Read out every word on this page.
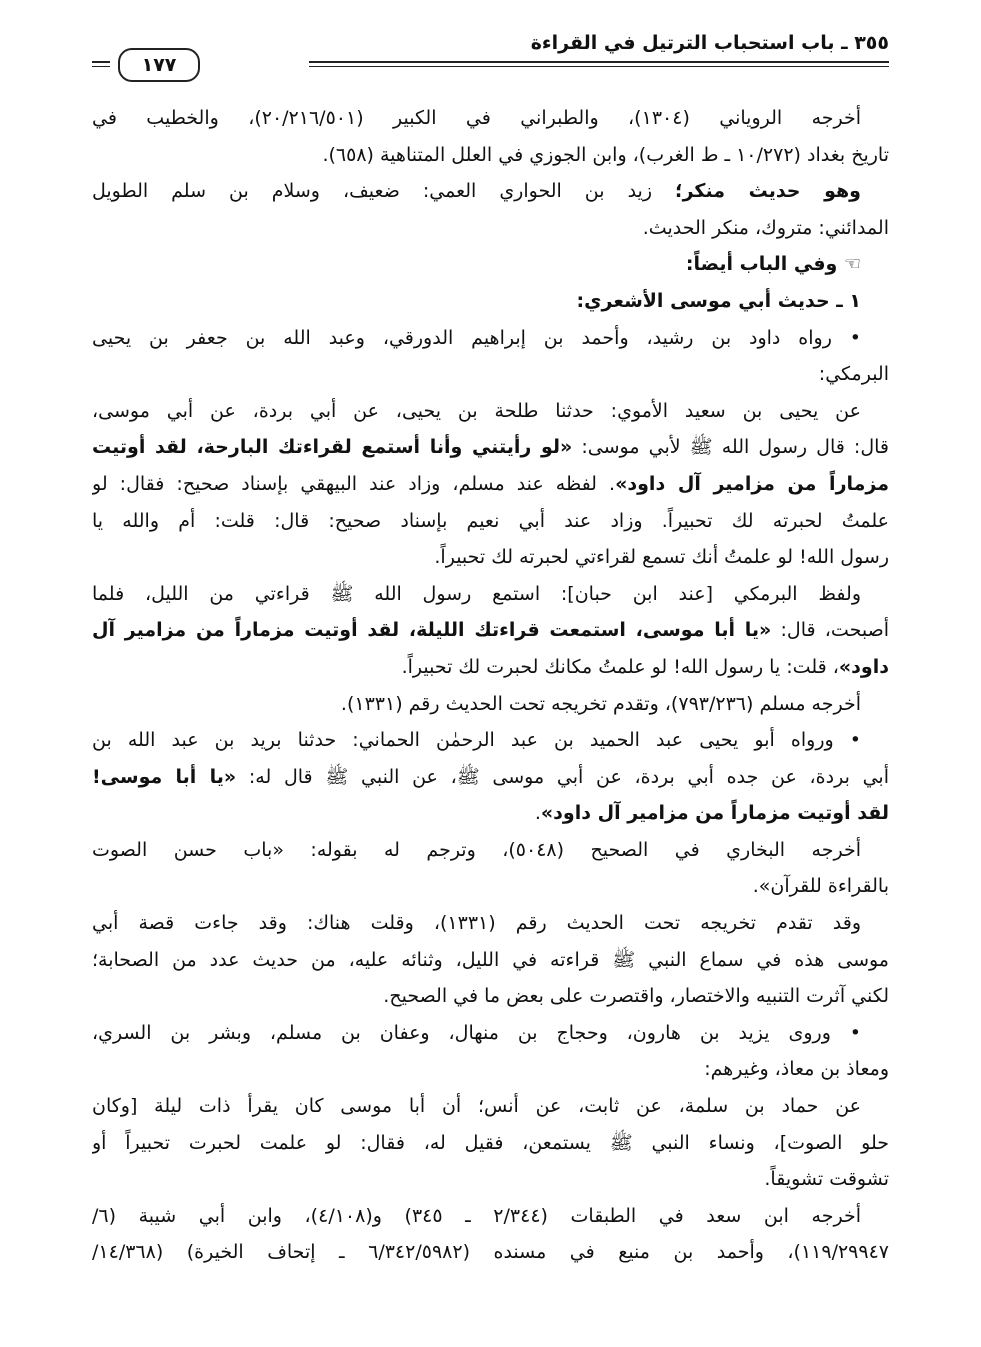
٣٥٥ ـ باب استحباب الترتيل في القراءة
١٧٧
أخرجه الروياني (١٣٠٤)، والطبراني في الكبير (٢٠/٢١٦/٥٠١)، والخطيب في
تاريخ بغداد (١٠/٢٧٢ ـ ط الغرب)، وابن الجوزي في العلل المتناهية (٦٥٨).
وهو حديث منكر؛ زيد بن الحواري العمي: ضعيف، وسلام بن سلم الطويل
المدائني: متروك، منكر الحديث.
☜ وفي الباب أيضاً:
١ ـ حديث أبي موسى الأشعري:
• رواه داود بن رشيد، وأحمد بن إبراهيم الدورقي، وعبد الله بن جعفر بن يحيى
البرمكي:
عن يحيى بن سعيد الأموي: حدثنا طلحة بن يحيى، عن أبي بردة، عن أبي موسى،
قال: قال رسول الله ﷺ لأبي موسى: «لو رأيتني وأنا أستمع لقراءتك البارحة، لقد أوتيت
مزماراً من مزامير آل داود». لفظه عند مسلم، وزاد عند البيهقي بإسناد صحيح: فقال: لو
علمتُ لحبرته لك تحبيراً. وزاد عند أبي نعيم بإسناد صحيح: قال: قلت: أم والله يا
رسول الله! لو علمتُ أنك تسمع لقراءتي لحبرته لك تحبيراً.
ولفظ البرمكي [عند ابن حبان]: استمع رسول الله ﷺ قراءتي من الليل، فلما
أصبحت، قال: «يا أبا موسى، استمعت قراءتك الليلة، لقد أوتيت مزماراً من مزامير آل
داود»، قلت: يا رسول الله! لو علمتُ مكانك لحبرت لك تحبيراً.
أخرجه مسلم (٧٩٣/٢٣٦)، وتقدم تخريجه تحت الحديث رقم (١٣٣١).
• ورواه أبو يحيى عبد الحميد بن عبد الرحمٰن الحماني: حدثنا بريد بن عبد الله بن
أبي بردة، عن جده أبي بردة، عن أبي موسى ﷺ، عن النبي ﷺ قال له: «يا أبا موسى!
لقد أوتيت مزماراً من مزامير آل داود».
أخرجه البخاري في الصحيح (٥٠٤٨)، وترجم له بقوله: «باب حسن الصوت
بالقراءة للقرآن».
وقد تقدم تخريجه تحت الحديث رقم (١٣٣١)، وقلت هناك: وقد جاءت قصة أبي
موسى هذه في سماع النبي ﷺ قراءته في الليل، وثنائه عليه، من حديث عدد من الصحابة؛
لكني آثرت التنبيه والاختصار، واقتصرت على بعض ما في الصحيح.
• وروى يزيد بن هارون، وحجاج بن منهال، وعفان بن مسلم، وبشر بن السري،
ومعاذ بن معاذ، وغيرهم:
عن حماد بن سلمة، عن ثابت، عن أنس؛ أن أبا موسى كان يقرأ ذات ليلة [وكان
حلو الصوت]، ونساء النبي ﷺ يستمعن، فقيل له، فقال: لو علمت لحبرت تحبيراً أو
تشوقت تشويقاً.
أخرجه ابن سعد في الطبقات (٢/٣٤٤ ـ ٣٤٥) و(٤/١٠٨)، وابن أبي شيبة (٦/
١١٩/٢٩٩٤٧)، وأحمد بن منيع في مسنده (٦/٣٤٢/٥٩٨٢ ـ إتحاف الخيرة) (١٤/٣٦٨/
